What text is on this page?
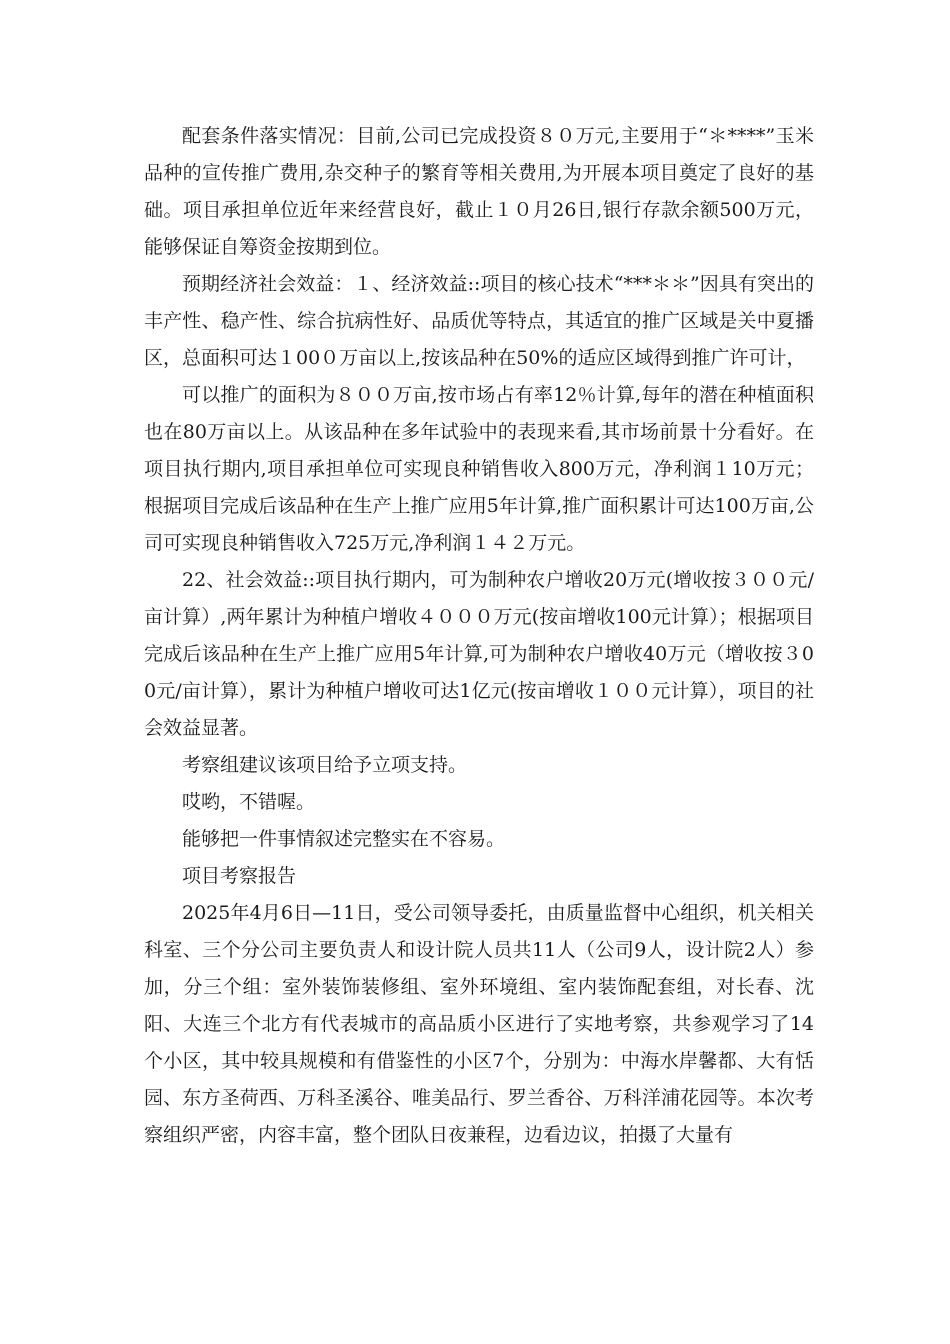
配套条件落实情况：目前,公司已完成投资８０万元,主要用于“＊****”玉米品种的宣传推广费用,杂交种子的繁育等相关费用,为开展本项目奠定了良好的基础。项目承担单位近年来经营良好，截止１０月26日,银行存款余额500万元，能够保证自筹资金按期到位。

预期经济社会效益：１、经济效益::项目的核心技术“***＊＊”因具有突出的丰产性、稳产性、综合抗病性好、品质优等特点，其适宜的推广区域是关中夏播区，总面积可达１00０万亩以上,按该品种在50%的适应区域得到推广许可计，

可以推广的面积为８００万亩,按市场占有率12％计算,每年的潜在种植面积也在80万亩以上。从该品种在多年试验中的表现来看,其市场前景十分看好。在项目执行期内,项目承担单位可实现良种销售收入800万元，净利润１10万元；根据项目完成后该品种在生产上推广应用5年计算,推广面积累计可达100万亩,公司可实现良种销售收入725万元,净利润１４２万元。

22、社会效益::项目执行期内，可为制种农户增收20万元(增收按３００元/亩计算）,两年累计为种植户增收４０００万元(按亩增收100元计算）；根据项目完成后该品种在生产上推广应用5年计算,可为制种农户增收40万元（增收按３00元/亩计算），累计为种植户增收可达1亿元(按亩增收１００元计算），项目的社会效益显著。

考察组建议该项目给予立项支持。

哎哟，不错喔。

能够把一件事情叙述完整实在不容易。

项目考察报告

2025年4月6日—11日，受公司领导委托，由质量监督中心组织，机关相关科室、三个分公司主要负责人和设计院人员共11人（公司9人，设计院2人）参加，分三个组：室外装饰装修组、室外环境组、室内装饰配套组，对长春、沈阳、大连三个北方有代表城市的高品质小区进行了实地考察，共参观学习了14个小区，其中较具规模和有借鉴性的小区7个，分别为：中海水岸馨都、大有恬园、东方圣荷西、万科圣溪谷、唯美品行、罗兰香谷、万科洋浦花园等。本次考察组织严密，内容丰富，整个团队日夜兼程，边看边议，拍摄了大量有
